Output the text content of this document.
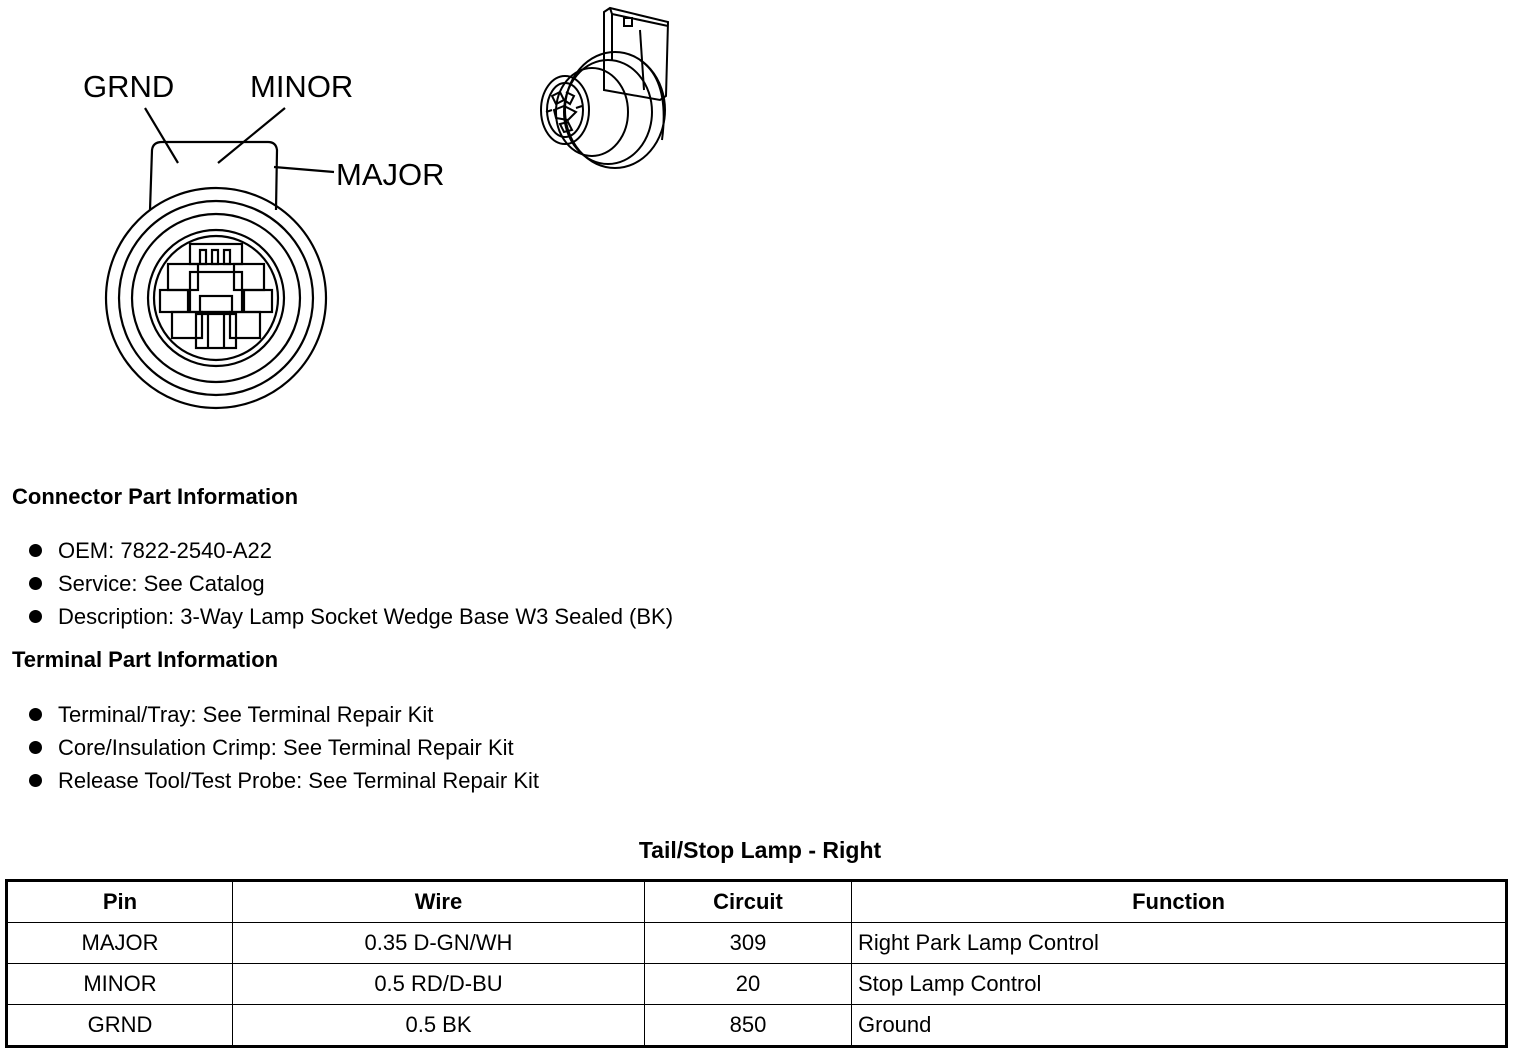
GRND MINOR
MAJOR
Connector Part Information
OEM: 7822-2540-A22
Service: See Catalog
Description: 3-Way Lamp Socket Wedge Base W3 Sealed (BK)
Terminal Part Information
Terminal/Tray: See Terminal Repair Kit
Core/Insulation Crimp: See Terminal Repair Kit
Release Tool/Test Probe: See Terminal Repair Kit
Tail/Stop Lamp - Right
Pin	Wire	Circuit	Function
MAJOR	0.35 D-GN/WH	309	Right Park Lamp Control
MINOR	0.5 RD/D-BU	20	Stop Lamp Control
GRND	0.5 BK	850	Ground
